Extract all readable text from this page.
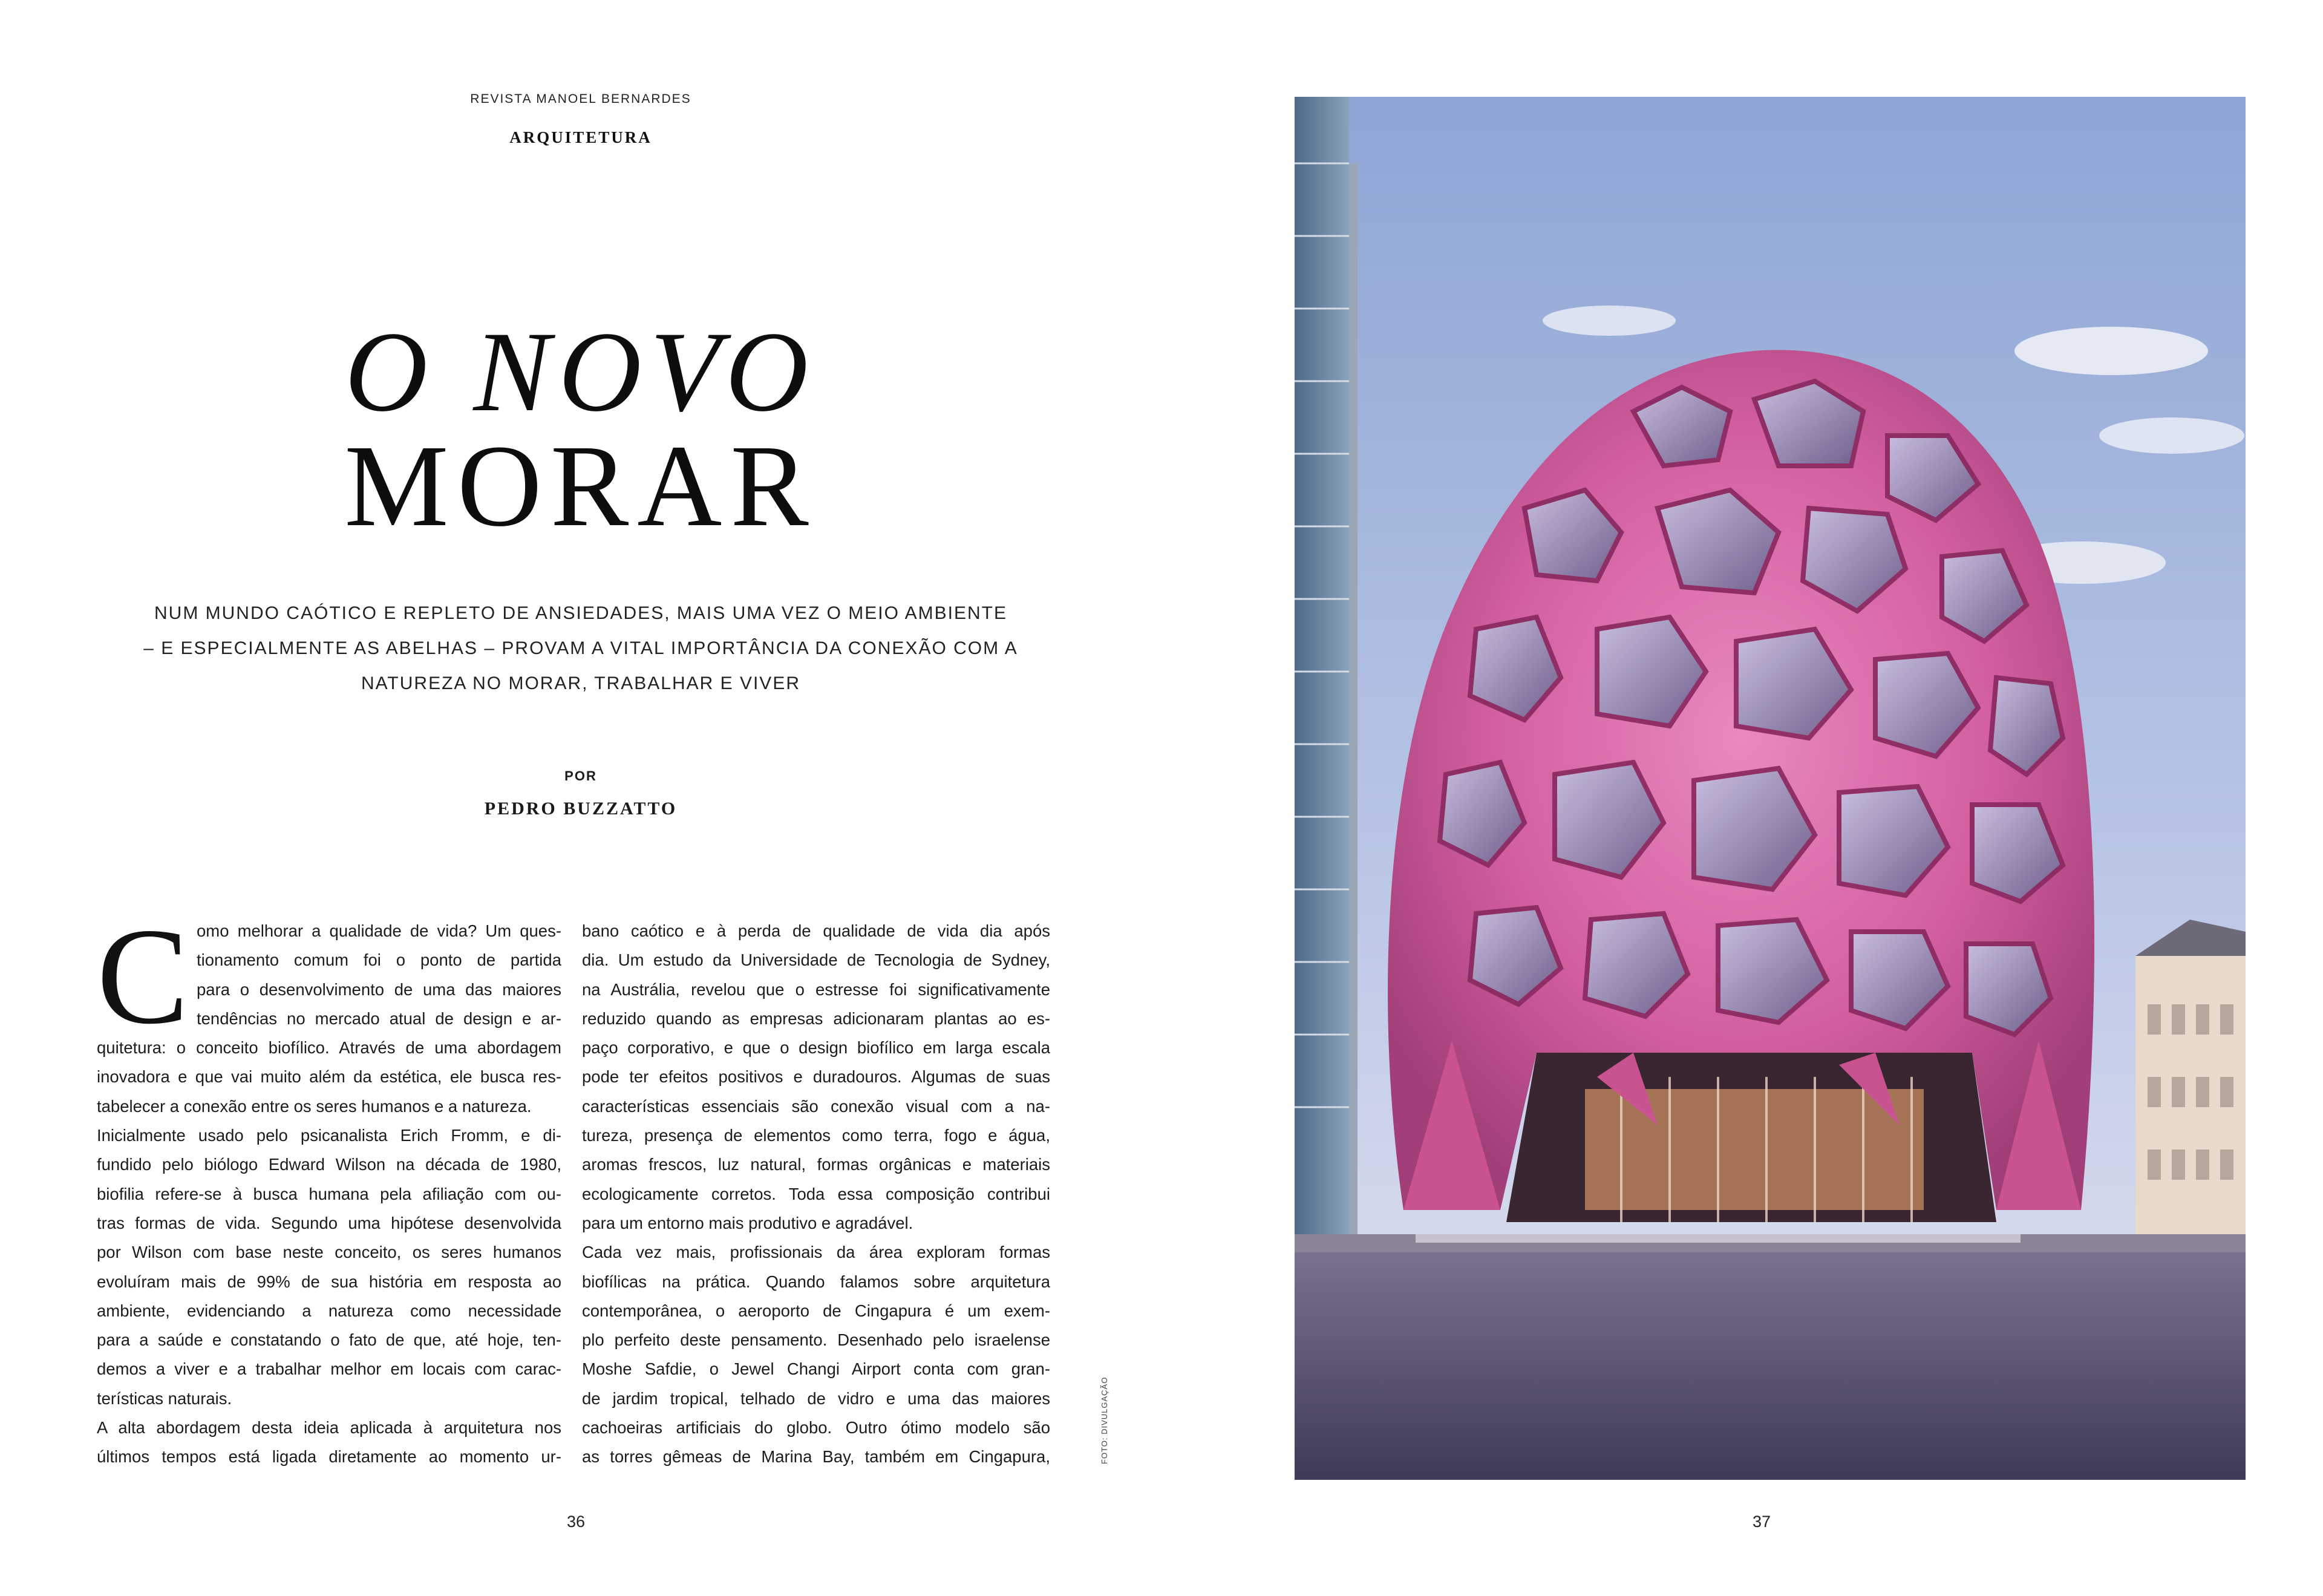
REVISTA MANOEL BERNARDES
ARQUITETURA
O NOVO
MORAR
NUM MUNDO CAÓTICO E REPLETO DE ANSIEDADES, MAIS UMA VEZ O MEIO AMBIENTE
– E ESPECIALMENTE AS ABELHAS – PROVAM A VITAL IMPORTÂNCIA DA CONEXÃO COM A
NATUREZA NO MORAR, TRABALHAR E VIVER
POR
PEDRO BUZZATTO
C omo melhorar a qualidade de vida? Um ques-
tionamento comum foi o ponto de partida
para o desenvolvimento de uma das maiores
tendências no mercado atual de design e ar-
quitetura: o conceito biofílico. Através de uma abordagem
inovadora e que vai muito além da estética, ele busca res-
tabelecer a conexão entre os seres humanos e a natureza.
Inicialmente usado pelo psicanalista Erich Fromm, e di-
fundido pelo biólogo Edward Wilson na década de 1980,
biofilia refere-se à busca humana pela afiliação com ou-
tras formas de vida. Segundo uma hipótese desenvolvida
por Wilson com base neste conceito, os seres humanos
evoluíram mais de 99% de sua história em resposta ao
ambiente, evidenciando a natureza como necessidade
para a saúde e constatando o fato de que, até hoje, ten-
demos a viver e a trabalhar melhor em locais com carac-
terísticas naturais.
A alta abordagem desta ideia aplicada à arquitetura nos
últimos tempos está ligada diretamente ao momento ur-
bano caótico e à perda de qualidade de vida dia após
dia. Um estudo da Universidade de Tecnologia de Sydney,
na Austrália, revelou que o estresse foi significativamente
reduzido quando as empresas adicionaram plantas ao es-
paço corporativo, e que o design biofílico em larga escala
pode ter efeitos positivos e duradouros. Algumas de suas
características essenciais são conexão visual com a na-
tureza, presença de elementos como terra, fogo e água,
aromas frescos, luz natural, formas orgânicas e materiais
ecologicamente corretos. Toda essa composição contribui
para um entorno mais produtivo e agradável.
Cada vez mais, profissionais da área exploram formas
biofílicas na prática. Quando falamos sobre arquitetura
contemporânea, o aeroporto de Cingapura é um exem-
plo perfeito deste pensamento. Desenhado pelo israelense
Moshe Safdie, o Jewel Changi Airport conta com gran-
de jardim tropical, telhado de vidro e uma das maiores
cachoeiras artificiais do globo. Outro ótimo modelo são
as torres gêmeas de Marina Bay, também em Cingapura,	FOTO: DIVULGAÇÃO
36	37
